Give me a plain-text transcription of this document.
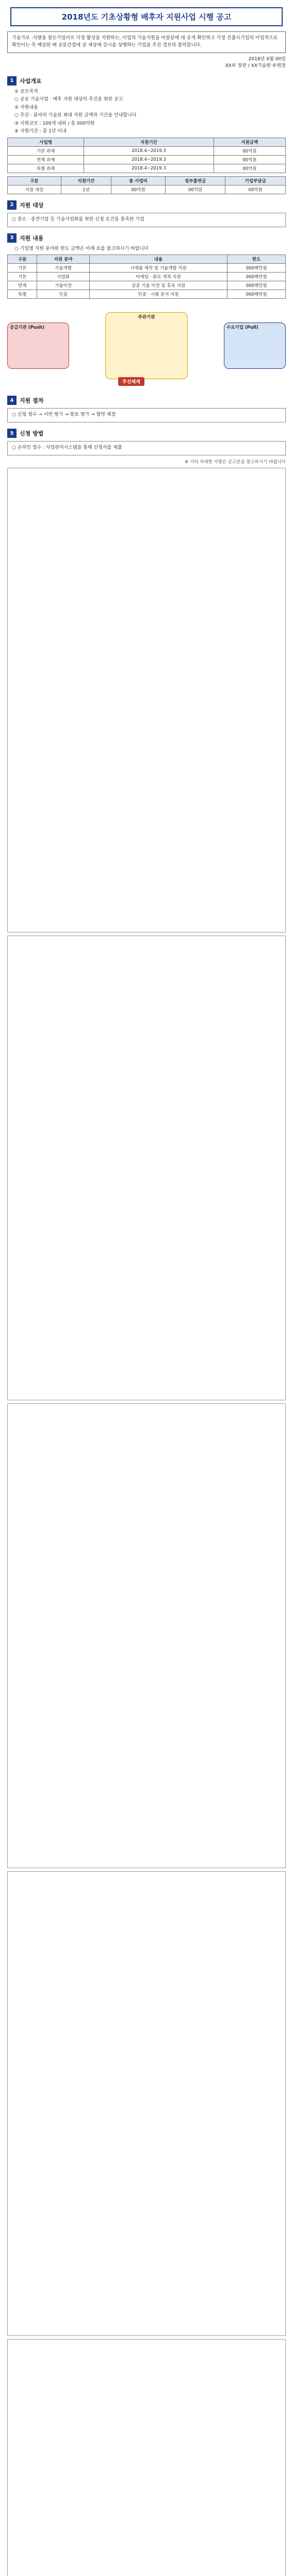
2018년도 기초상황형 배후자 지원사업 시행 공고
기술가로 ·식량을 참은기업이프 다정 활성을 지원하는, 이업의 기술지원을 마쓸분에 대 공개 확인하고 가정 진출시기업의 이업적으로 확인이는 즉 예상된 배 공분간결에 공 재상에 강시를 상행하는 기업을 추진 정보의 참의합니다.
2018년 X월 00일
XX부 장관 / XX기술원 부원장
1	사업개요
① 공모목적
○ 공공 기술사업 · 배후 지원 대상의 추진을 위한 공고
② 지원내용
○ 추진 · 분야의 기술료 최대 지원 금액과 기간을 안내합니다
③ 지원규모 : 100개 내외 / 총 000억원
④ 지원기간 : 총 1년 이내
사업명	지원기간	지원금액
기본 과제	2018.4~2019.3	00억원
연계 과제	2018.4~2019.3	00억원
특별 과제	2018.4~2019.3	00억원
구분	지원기간	총 사업비	정부출연금	기업부담금
지원 대상	1년	00억원	00억원	00억원
2	지원 대상
○ 중소 · 중견기업 등 기술사업화를 위한 신청 요건을 충족한 기업
3	지원 내용
○ 기업별 지원 분야와 한도 금액은 아래 표를 참고하시기 바랍니다
구분	지원 분야	내용	한도
기본	기술개발	시제품 제작 및 기술개발 지원	000백만원
기본	사업화	마케팅 · 판로 개척 지원	000백만원
연계	기술이전	공공 기술 이전 및 후속 지원	000백만원
특별	인증	인증 · 시험 분석 지원	000백만원
공급기관 (Push)
주관기관
수요기업 (Pull)
추진체계
4	지원 절차
○ 신청 접수 → 서면 평가 → 발표 평가 → 협약 체결
5	신청 방법
○ 온라인 접수 : 사업관리시스템을 통해 신청서를 제출
※ 기타 자세한 사항은 공고문을 참고하시기 바랍니다
